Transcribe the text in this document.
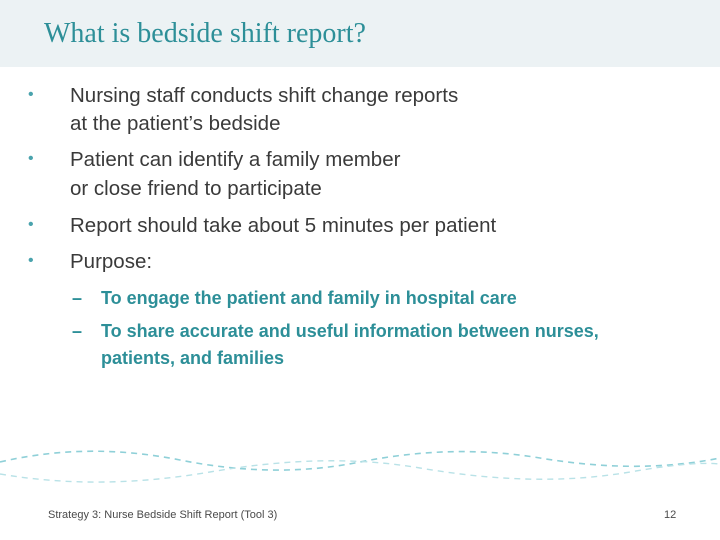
What is bedside shift report?
• Nursing staff conducts shift change reports
at the patient’s bedside
• Patient can identify a family member
or close friend to participate
• Report should take about 5 minutes per patient
• Purpose:
– To engage the patient and family in hospital care
– To share accurate and useful information between nurses,
patients, and families
Strategy 3: Nurse Bedside Shift Report (Tool 3)	12
